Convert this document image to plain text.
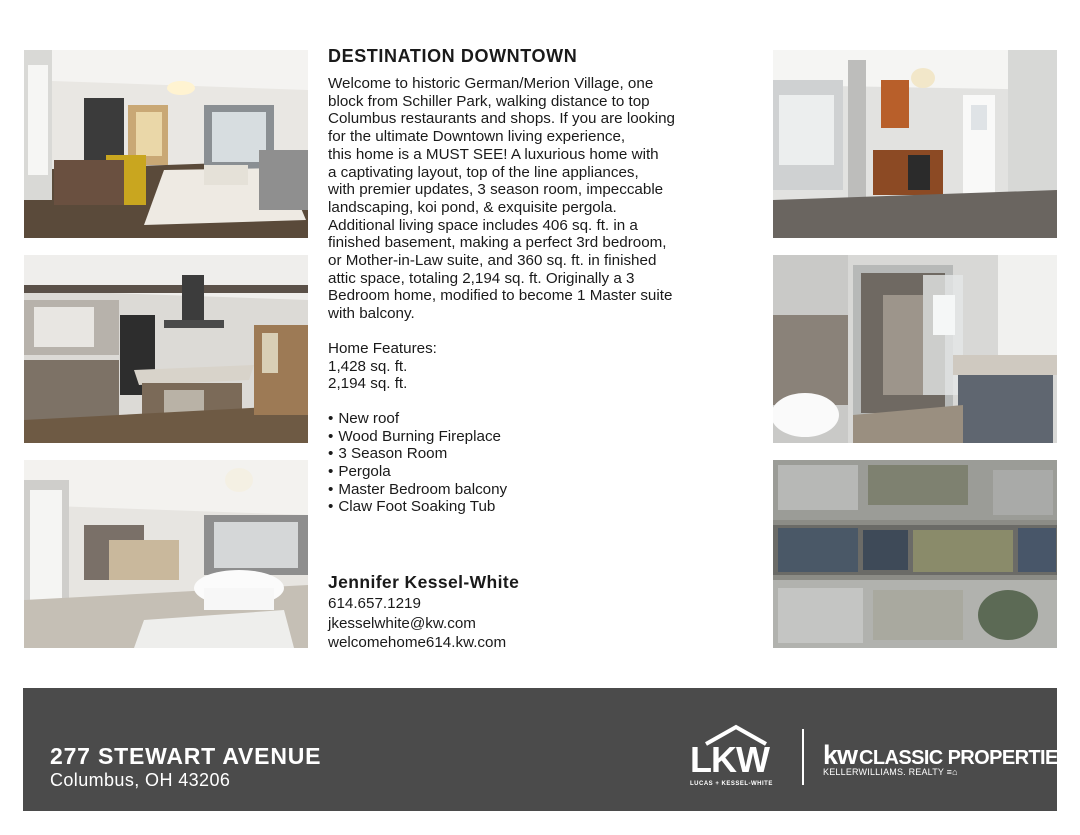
DESTINATION DOWNTOWN

Welcome to historic German/Merion Village, one
block from Schiller Park, walking distance to top
Columbus restaurants and shops. If you are looking
for the ultimate Downtown living experience,
this home is a MUST SEE! A luxurious home with
a captivating layout, top of the line appliances,
with premier updates, 3 season room, impeccable
landscaping, koi pond, & exquisite pergola.
Additional living space includes 406 sq. ft. in a
finished basement, making a perfect 3rd bedroom,
or Mother-in-Law suite, and 360 sq. ft. in finished
attic space, totaling 2,194 sq. ft. Originally a 3
Bedroom home, modified to become 1 Master suite
with balcony.

Home Features:

1,428 sq. ft.

2,194 sq. ft.

• New roof
• Wood Burning Fireplace
• 3 Season Room
• Pergola
• Master Bedroom balcony
• Claw Foot Soaking Tub
Jennifer Kessel-White
614.657.1219
jkesselwhite@kw.com
welcomehome614.kw.com
277 STEWART AVENUE
Columbus, OH 43206	LKW
LUCAS + KESSEL-WHITE
kw CLASSIC PROPERTIES
KELLERWILLIAMS. REALTY ≡⌂
